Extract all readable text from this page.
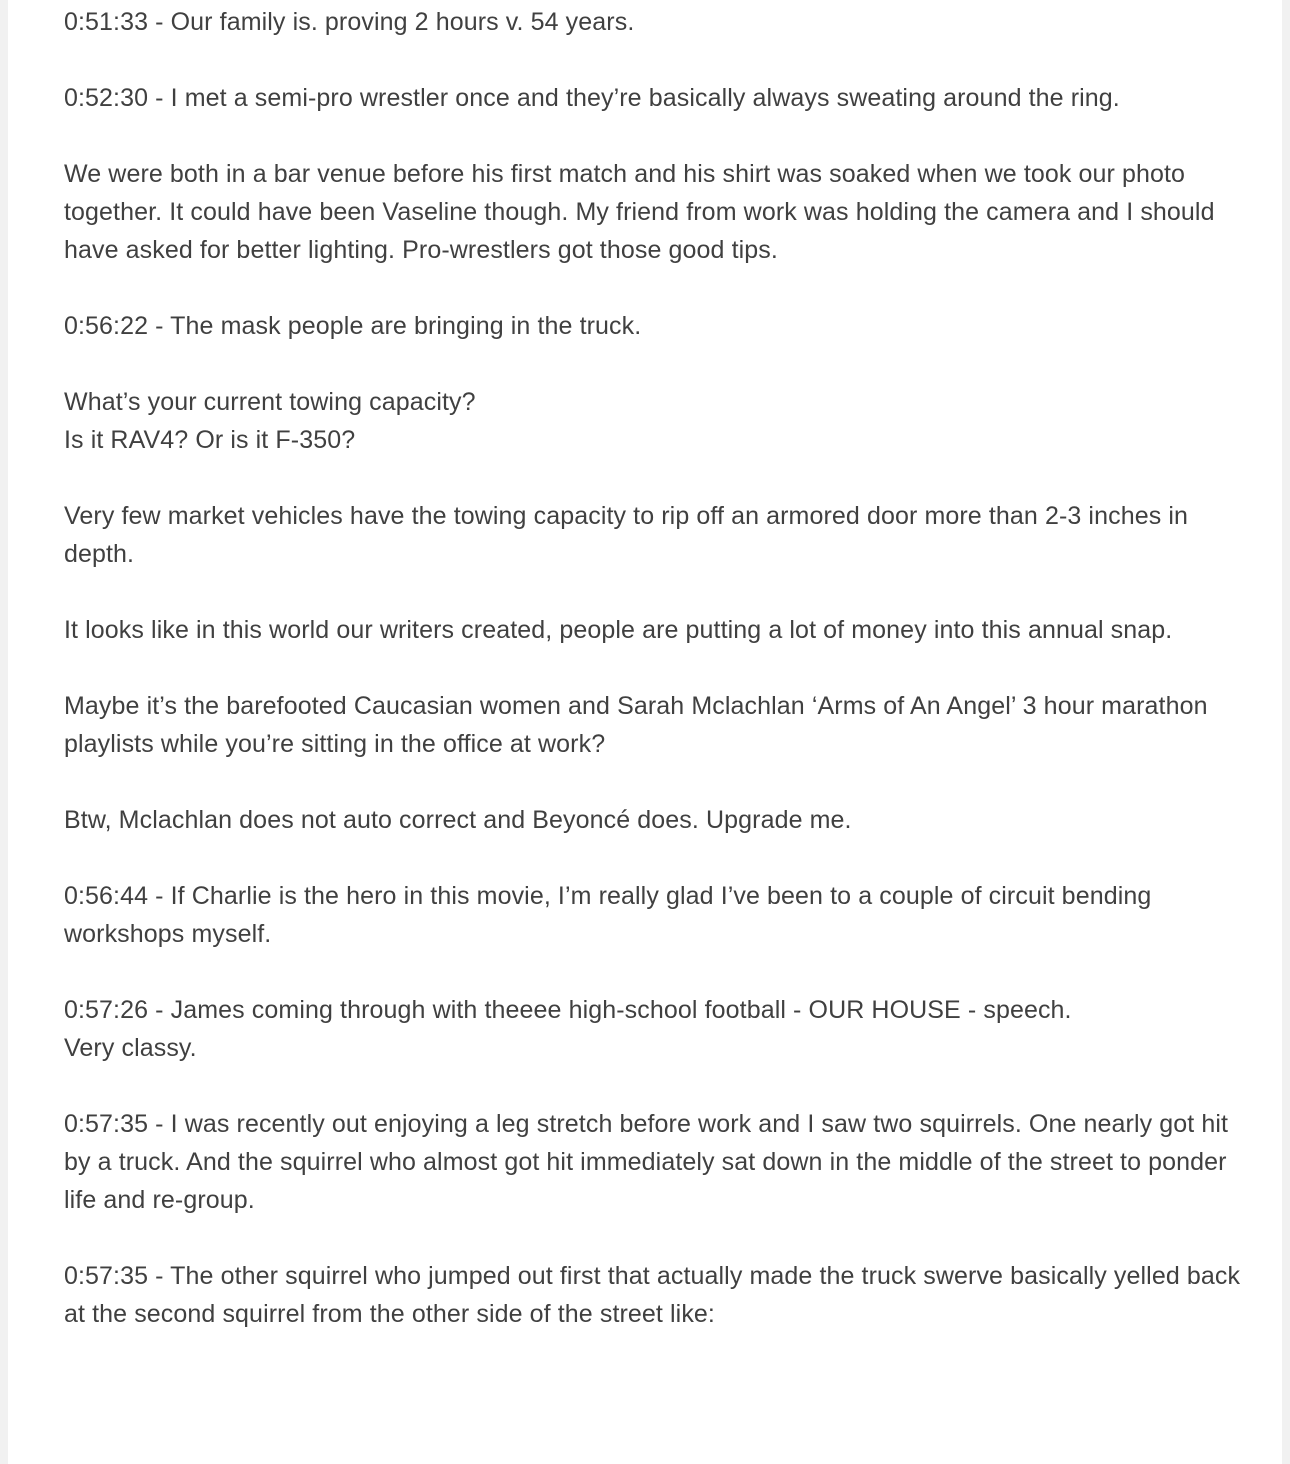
0:51:33 - Our family is. proving 2 hours v. 54 years.

0:52:30 - I met a semi-pro wrestler once and they’re basically always sweating around the ring.

We were both in a bar venue before his first match and his shirt was soaked when we took our photo together. It could have been Vaseline though. My friend from work was holding the camera and I should have asked for better lighting. Pro-wrestlers got those good tips.

0:56:22 - The mask people are bringing in the truck.

What’s your current towing capacity?
Is it RAV4? Or is it F-350?

Very few market vehicles have the towing capacity to rip off an armored door more than 2-3 inches in depth.

It looks like in this world our writers created, people are putting a lot of money into this annual snap.

Maybe it’s the barefooted Caucasian women and Sarah Mclachlan ‘Arms of An Angel’ 3 hour marathon playlists while you’re sitting in the office at work?

Btw, Mclachlan does not auto correct and Beyoncé does. Upgrade me.

0:56:44 - If Charlie is the hero in this movie, I’m really glad I’ve been to a couple of circuit bending workshops myself.

0:57:26 - James coming through with theeee high-school football - OUR HOUSE - speech.
Very classy.

0:57:35 - I was recently out enjoying a leg stretch before work and I saw two squirrels. One nearly got hit by a truck. And the squirrel who almost got hit immediately sat down in the middle of the street to ponder life and re-group.

0:57:35 - The other squirrel who jumped out first that actually made the truck swerve basically yelled back at the second squirrel from the other side of the street like:
